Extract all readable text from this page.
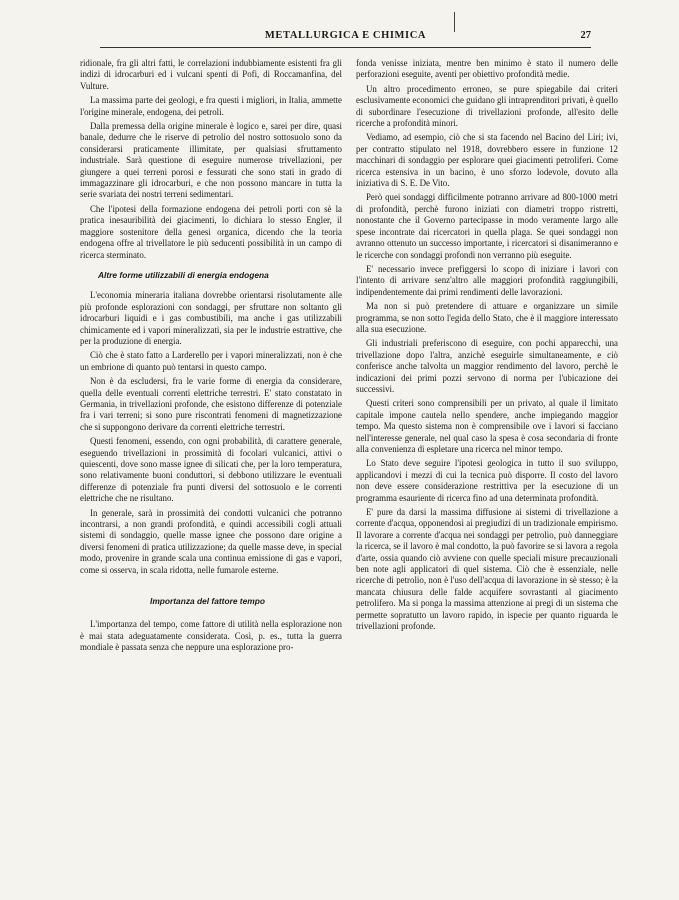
METALLURGICA E CHIMICA	27

ridionale, fra gli altri fatti, le correlazioni indubbiamente esistenti fra gli indizi di idrocarburi ed i vulcani spenti di Pofi, di Roccamanfina, del Vulture.

La massima parte dei geologi, e fra questi i migliori, in Italia, ammette l'origine minerale, endogena, dei petroli.

Dalla premessa della origine minerale è logico e, sarei per dire, quasi banale, dedurre che le riserve di petrolio del nostro sottosuolo sono da considerarsi praticamente illimitate, per qualsiasi sfruttamento industriale. Sarà questione di eseguire numerose trivellazioni, per giungere a quei terreni porosi e fessurati che sono stati in grado di immagazzinare gli idrocarburi, e che non possono mancare in tutta la serie svariata dei nostri terreni sedimentari.

Che l'ipotesi della formazione endogena dei petroli porti con sè la pratica inesauribilità dei giacimenti, lo dichiara lo stesso Engler, il maggiore sostenitore della genesi organica, dicendo che la teoria endogena offre al trivellatore le più seducenti possibilità in un campo di ricerca sterminato.

Altre forme utilizzabili di energia endogena

L'economia mineraria italiana dovrebbe orientarsi risolutamente alle più profonde esplorazioni con sondaggi, per sfruttare non soltanto gli idrocarburi liquidi e i gas combustibili, ma anche i gas utilizzabili chimicamente ed i vapori mineralizzati, sia per le industrie estrattive, che per la produzione di energia.

Ciò che è stato fatto a Larderello per i vapori mineralizzati, non è che un embrione di quanto può tentarsi in questo campo.

Non è da escludersi, fra le varie forme di energia da considerare, quella delle eventuali correnti elettriche terrestri. E' stato constatato in Germania, in trivellazioni profonde, che esistono differenze di potenziale fra i vari terreni; si sono pure riscontrati fenomeni di magnetizzazione che si suppongono derivare da correnti elettriche terrestri.

Questi fenomeni, essendo, con ogni probabilità, di carattere generale, eseguendo trivellazioni in prossimità di focolari vulcanici, attivi o quiescenti, dove sono masse ignee di silicati che, per la loro temperatura, sono relativamente buoni conduttori, si debbono utilizzare le eventuali differenze di potenziale fra punti diversi del sottosuolo e le correnti elettriche che ne risultano.

In generale, sarà in prossimità dei condotti vulcanici che potranno incontrarsi, a non grandi profondità, e quindi accessibili cogli attuali sistemi di sondaggio, quelle masse ignee che possono dare origine a diversi fenomeni di pratica utilizzazione; da quelle masse deve, in special modo, provenire in grande scala una continua emissione di gas e vapori, come si osserva, in scala ridotta, nelle fumarole esterne.

Importanza del fattore tempo

L'importanza del tempo, come fattore di utilità nella esplorazione non è mai stata adeguatamente considerata. Così, p. es., tutta la guerra mondiale è passata senza che neppure una esplorazione pro-

fonda venisse iniziata, mentre ben minimo è stato il numero delle perforazioni eseguite, aventi per obiettivo profondità medie.

Un altro procedimento erroneo, se pure spiegabile dai criteri esclusivamente economici che guidano gli intraprenditori privati, è quello di subordinare l'esecuzione di trivellazioni profonde, all'esito delle ricerche a profondità minori.

Vediamo, ad esempio, ciò che si sta facendo nel Bacino del Liri; ivi, per contratto stipulato nel 1918, dovrebbero essere in funzione 12 macchinari di sondaggio per esplorare quei giacimenti petroliferi. Come ricerca estensiva in un bacino, è uno sforzo lodevole, dovuto alla iniziativa di S. E. De Vito.

Però quei sondaggi difficilmente potranno arrivare ad 800-1000 metri di profondità, perchè furono iniziati con diametri troppo ristretti, nonostante che il Governo partecipasse in modo veramente largo alle spese incontrate dai ricercatori in quella plaga. Se quei sondaggi non avranno ottenuto un successo importante, i ricercatori si disanimeranno e le ricerche con sondaggi profondi non verranno più eseguite.

E' necessario invece prefiggersi lo scopo di iniziare i lavori con l'intento di arrivare senz'altro alle maggiori profondità raggiungibili, indipendentemente dai primi rendimenti delle lavorazioni.

Ma non si può pretendere di attuare e organizzare un simile programma, se non sotto l'egida dello Stato, che è il maggiore interessato alla sua esecuzione.

Gli industriali preferiscono di eseguire, con pochi apparecchi, una trivellazione dopo l'altra, anzichè eseguirle simultaneamente, e ciò conferisce anche talvolta un maggior rendimento del lavoro, perchè le indicazioni dei primi pozzi servono di norma per l'ubicazione dei successivi.

Questi criteri sono comprensibili per un privato, al quale il limitato capitale impone cautela nello spendere, anche impiegando maggior tempo. Ma questo sistema non è comprensibile ove i lavori si facciano nell'interesse generale, nel qual caso la spesa è cosa secondaria di fronte alla convenienza di espletare una ricerca nel minor tempo.

Lo Stato deve seguire l'ipotesi geologica in tutto il suo sviluppo, applicandovi i mezzi di cui la tecnica può disporre. Il costo del lavoro non deve essere considerazione restrittiva per la esecuzione di un programma esauriente di ricerca fino ad una determinata profondità.

E' pure da darsi la massima diffusione ai sistemi di trivellazione a corrente d'acqua, opponendosi ai pregiudizi di un tradizionale empirismo. Il lavorare a corrente d'acqua nei sondaggi per petrolio, può danneggiare la ricerca, se il lavoro è mal condotto, la può favorire se si lavora a regola d'arte, ossia quando ciò avviene con quelle speciali misure precauzionali ben note agli applicatori di quel sistema. Ciò che è essenziale, nelle ricerche di petrolio, non è l'uso dell'acqua di lavorazione in sè stesso; è la mancata chiusura delle falde acquifere sovrastanti al giacimento petrolifero. Ma si ponga la massima attenzione ai pregi di un sistema che permette sopratutto un lavoro rapido, in ispecie per quanto riguarda le trivellazioni profonde.
